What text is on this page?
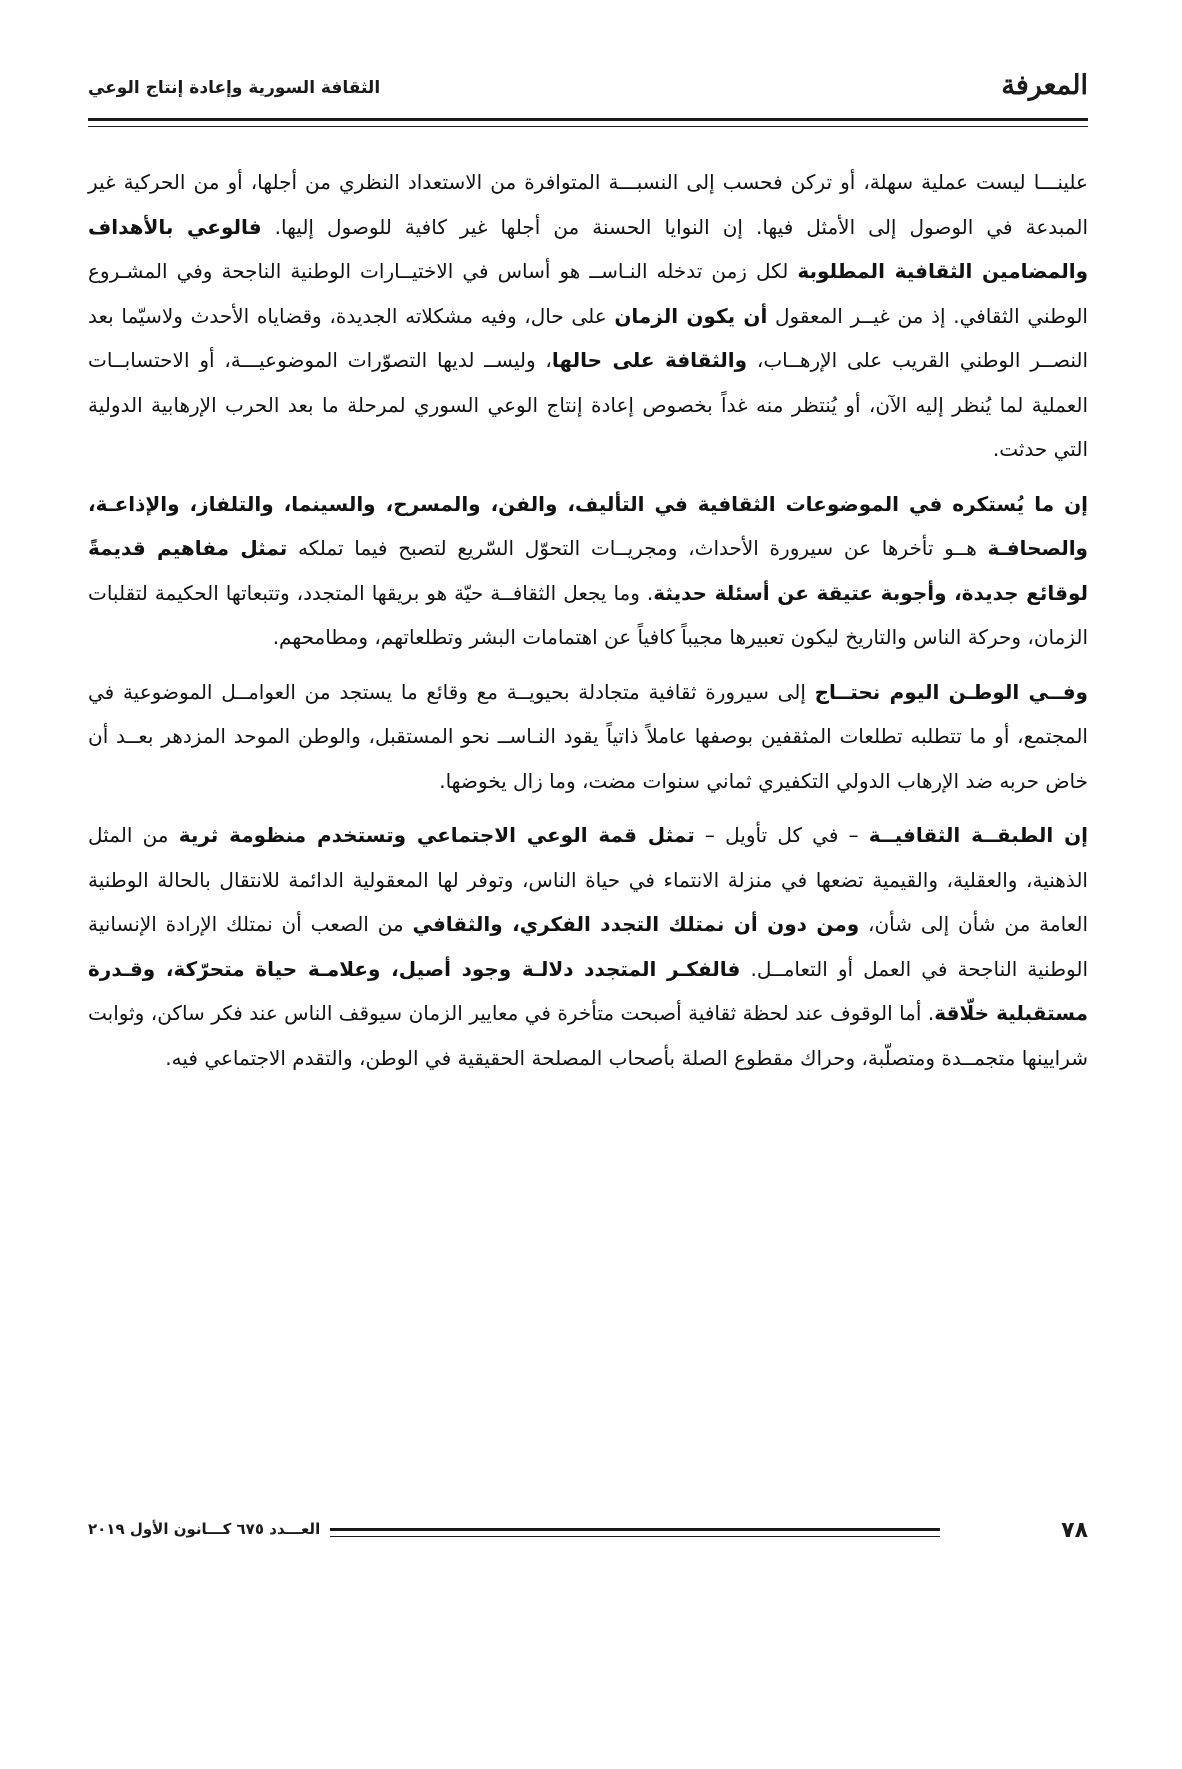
المعرفة
الثقافة السورية وإعادة إنتاج الوعي

علينـــا ليست عملية سهلة، أو تركن فحسب إلى النسبـــة المتوافرة من الاستعداد النظري من أجلها، أو من الحركية غير المبدعة في الوصول إلى الأمثل فيها. إن النوايا الحسنة من أجلها غير كافية للوصول إليها. فالوعي بالأهداف والمضامين الثقافية المطلوبة لكل زمن تدخله النـاســ هو أساس في الاختيــارات الوطنية الناجحة وفي المشـروع الوطني الثقافي. إذ من غيــر المعقول أن يكون الزمان على حال، وفيه مشكلاته الجديدة، وقضاياه الأحدث ولاسيّما بعد النصــر الوطني القريب على الإرهــاب، والثقافة على حالها، وليســ لديها التصوّرات الموضوعيـــة، أو الاحتسابــات العملية لما يُنظر إليه الآن، أو يُنتظر منه غداً بخصوص إعادة إنتاج الوعي السوري لمرحلة ما بعد الحرب الإرهابية الدولية التي حدثت.

إن ما يُستكره في الموضوعات الثقافية في التأليف، والفن، والمسرح، والسينما، والتلفاز، والإذاعـة، والصحافـة هــو تأخرها عن سيرورة الأحداث، ومجريــات التحوّل السّريع لتصبح فيما تملكه تمثل مفاهيم قديمةً لوقائع جديدة، وأجوبة عتيقة عن أسئلة حديثة. وما يجعل الثقافــة حيّة هو بريقها المتجدد، وتتبعاتها الحكيمة لتقلبات الزمان، وحركة الناس والتاريخ ليكون تعبيرها مجيباً كافياً عن اهتمامات البشر وتطلعاتهم، ومطامحهم.

وفــي الوطـن اليوم نحتــاج إلى سيرورة ثقافية متجادلة بحيويــة مع وقائع ما يستجد من العوامــل الموضوعية في المجتمع، أو ما تتطلبه تطلعات المثقفين بوصفها عاملاً ذاتياً يقود النـاســ نحو المستقبل، والوطن الموحد المزدهر بعــد أن خاض حربه ضد الإرهاب الدولي التكفيري ثماني سنوات مضت، وما زال يخوضها.

إن الطبقــة الثقافيــة – في كل تأويل – تمثل قمة الوعي الاجتماعي وتستخدم منظومة ثرية من المثل الذهنية، والعقلية، والقيمية تضعها في منزلة الانتماء في حياة الناس، وتوفر لها المعقولية الدائمة للانتقال بالحالة الوطنية العامة من شأن إلى شأن، ومن دون أن نمتلك التجدد الفكري، والثقافي من الصعب أن نمتلك الإرادة الإنسانية الوطنية الناجحة في العمل أو التعامــل. فالفكـر المتجدد دلالـة وجود أصيل، وعلامـة حياة متحرّكة، وقـدرة مستقبلية خلّاقة. أما الوقوف عند لحظة ثقافية أصبحت متأخرة في معايير الزمان سيوقف الناس عند فكر ساكن، وثوابت شرايينها متجمــدة ومتصلّبة، وحراك مقطوع الصلة بأصحاب المصلحة الحقيقية في الوطن، والتقدم الاجتماعي فيه.

٧٨
العـــدد ٦٧٥ كـــانون الأول ٢٠١٩
